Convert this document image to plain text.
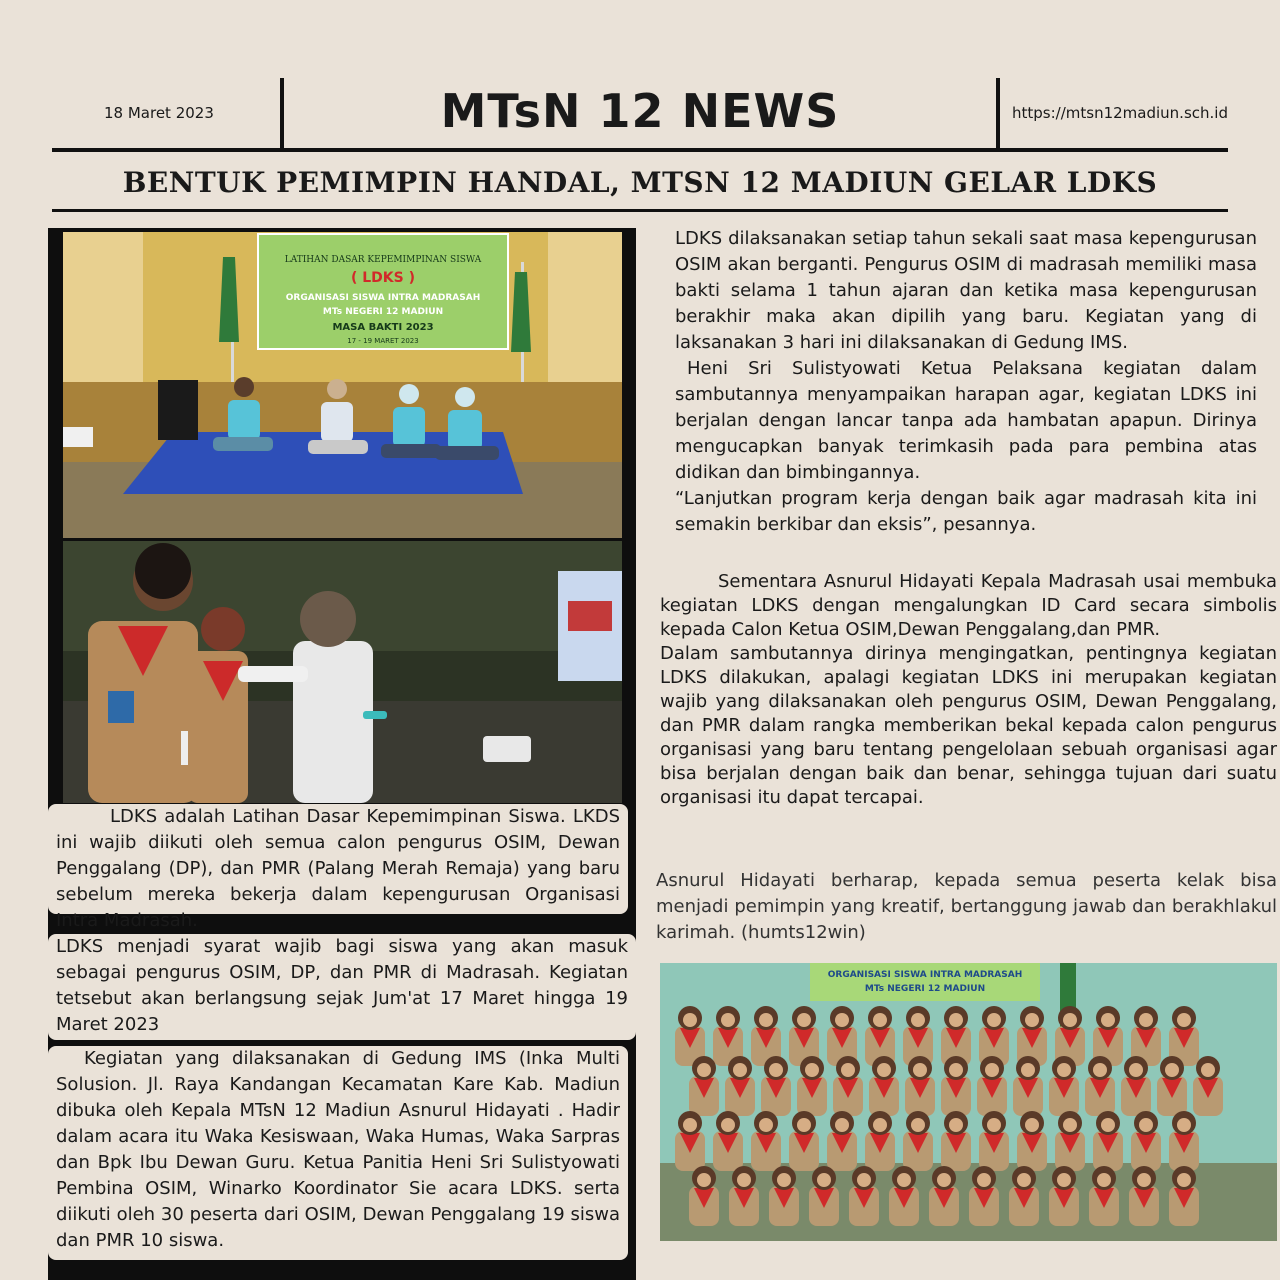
18 Maret 2023	MTsN 12 NEWS	https://mtsn12madiun.sch.id
BENTUK PEMIMPIN HANDAL, MTSN 12 MADIUN GELAR LDKS
LATIHAN DASAR KEPEMIMPINAN SISWA
( LDKS )
ORGANISASI SISWA INTRA MADRASAH
MTs NEGERI 12 MADIUN
MASA BAKTI 2023
17 - 19 MARET 2023

LDKS adalah Latihan Dasar Kepemimpinan Siswa. LKDS ini wajib diikuti oleh semua calon pengurus OSIM, Dewan Penggalang (DP), dan PMR (Palang Merah Remaja) yang baru sebelum mereka bekerja dalam kepengurusan Organisasi Intra Madrasah.

LDKS menjadi syarat wajib bagi siswa yang akan masuk sebagai pengurus OSIM, DP, dan PMR di Madrasah. Kegiatan tetsebut akan berlangsung sejak Jum'at 17 Maret hingga 19 Maret 2023

Kegiatan yang dilaksanakan di Gedung IMS (Inka Multi Solusion. Jl. Raya Kandangan Kecamatan Kare Kab. Madiun dibuka oleh Kepala MTsN 12 Madiun Asnurul Hidayati . Hadir dalam acara itu Waka Kesiswaan, Waka Humas, Waka Sarpras dan Bpk Ibu Dewan Guru. Ketua Panitia Heni Sri Sulistyowati Pembina OSIM, Winarko Koordinator Sie acara LDKS. serta diikuti oleh 30 peserta dari OSIM, Dewan Penggalang 19 siswa dan PMR 10 siswa.

LDKS dilaksanakan setiap tahun sekali saat masa kepengurusan OSIM akan berganti. Pengurus OSIM di madrasah memiliki masa bakti selama 1 tahun ajaran dan ketika masa kepengurusan berakhir maka akan dipilih yang baru. Kegiatan yang di laksanakan 3 hari ini dilaksanakan di Gedung IMS.

Heni Sri Sulistyowati Ketua Pelaksana kegiatan dalam sambutannya menyampaikan harapan agar, kegiatan LDKS ini berjalan dengan lancar tanpa ada hambatan apapun. Dirinya mengucapkan banyak terimkasih pada para pembina atas didikan dan bimbingannya.

“Lanjutkan program kerja dengan baik agar madrasah kita ini semakin berkibar dan eksis”, pesannya.

Sementara Asnurul Hidayati Kepala Madrasah usai membuka kegiatan LDKS dengan mengalungkan ID Card secara simbolis kepada Calon Ketua OSIM,Dewan Penggalang,dan PMR.

Dalam sambutannya dirinya mengingatkan, pentingnya kegiatan LDKS dilakukan, apalagi kegiatan LDKS ini merupakan kegiatan wajib yang dilaksanakan oleh pengurus OSIM, Dewan Penggalang, dan PMR dalam rangka memberikan bekal kepada calon pengurus organisasi yang baru tentang pengelolaan sebuah organisasi agar bisa berjalan dengan baik dan benar, sehingga tujuan dari suatu organisasi itu dapat tercapai.

Asnurul Hidayati berharap, kepada semua peserta kelak bisa menjadi pemimpin yang kreatif, bertanggung jawab dan berakhlakul karimah. (humts12win)

ORGANISASI SISWA INTRA MADRASAH
MTs NEGERI 12 MADIUN
